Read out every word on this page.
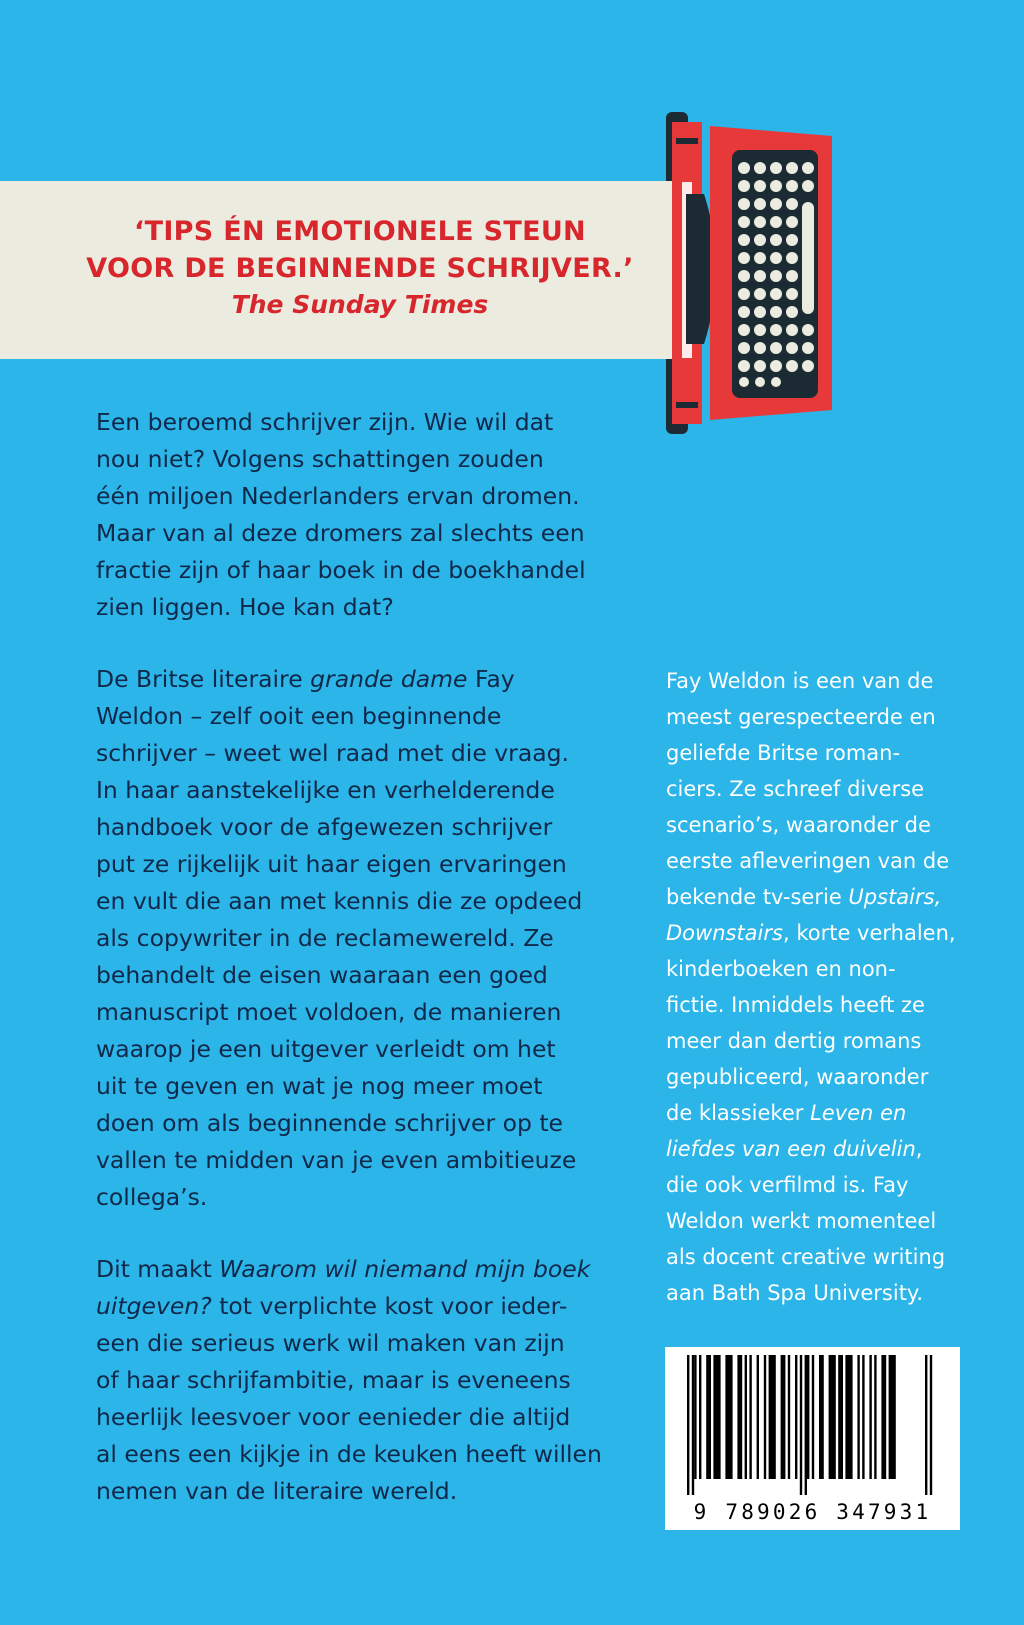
‘TIPS ÉN EMOTIONELE STEUN
VOOR DE BEGINNENDE SCHRIJVER.’
The Sunday Times

Een beroemd schrijver zijn. Wie wil dat
nou niet? Volgens schattingen zouden
één miljoen Nederlanders ervan dromen.
Maar van al deze dromers zal slechts een
fractie zijn of haar boek in de boekhandel
zien liggen. Hoe kan dat?

De Britse literaire grande dame Fay
Weldon – zelf ooit een beginnende
schrijver – weet wel raad met die vraag.
In haar aanstekelijke en verhelderende
handboek voor de afgewezen schrijver
put ze rijkelijk uit haar eigen ervaringen
en vult die aan met kennis die ze opdeed
als copywriter in de reclamewereld. Ze
behandelt de eisen waaraan een goed
manuscript moet voldoen, de manieren
waarop je een uitgever verleidt om het
uit te geven en wat je nog meer moet
doen om als beginnende schrijver op te
vallen te midden van je even ambitieuze
collega’s.

Dit maakt Waarom wil niemand mijn boek
uitgeven? tot verplichte kost voor ieder-
een die serieus werk wil maken van zijn
of haar schrijfambitie, maar is eveneens
heerlijk leesvoer voor eenieder die altijd
al eens een kijkje in de keuken heeft willen
nemen van de literaire wereld.

Fay Weldon is een van de
meest gerespecteerde en
geliefde Britse roman-
ciers. Ze schreef diverse
scenario’s, waaronder de
eerste afleveringen van de
bekende tv-serie Upstairs,
Downstairs, korte verhalen,
kinderboeken en non-
fictie. Inmiddels heeft ze
meer dan dertig romans
gepubliceerd, waaronder
de klassieker Leven en
liefdes van een duivelin,
die ook verfilmd is. Fay
Weldon werkt momenteel
als docent creative writing
aan Bath Spa University.
9 789026 347931
